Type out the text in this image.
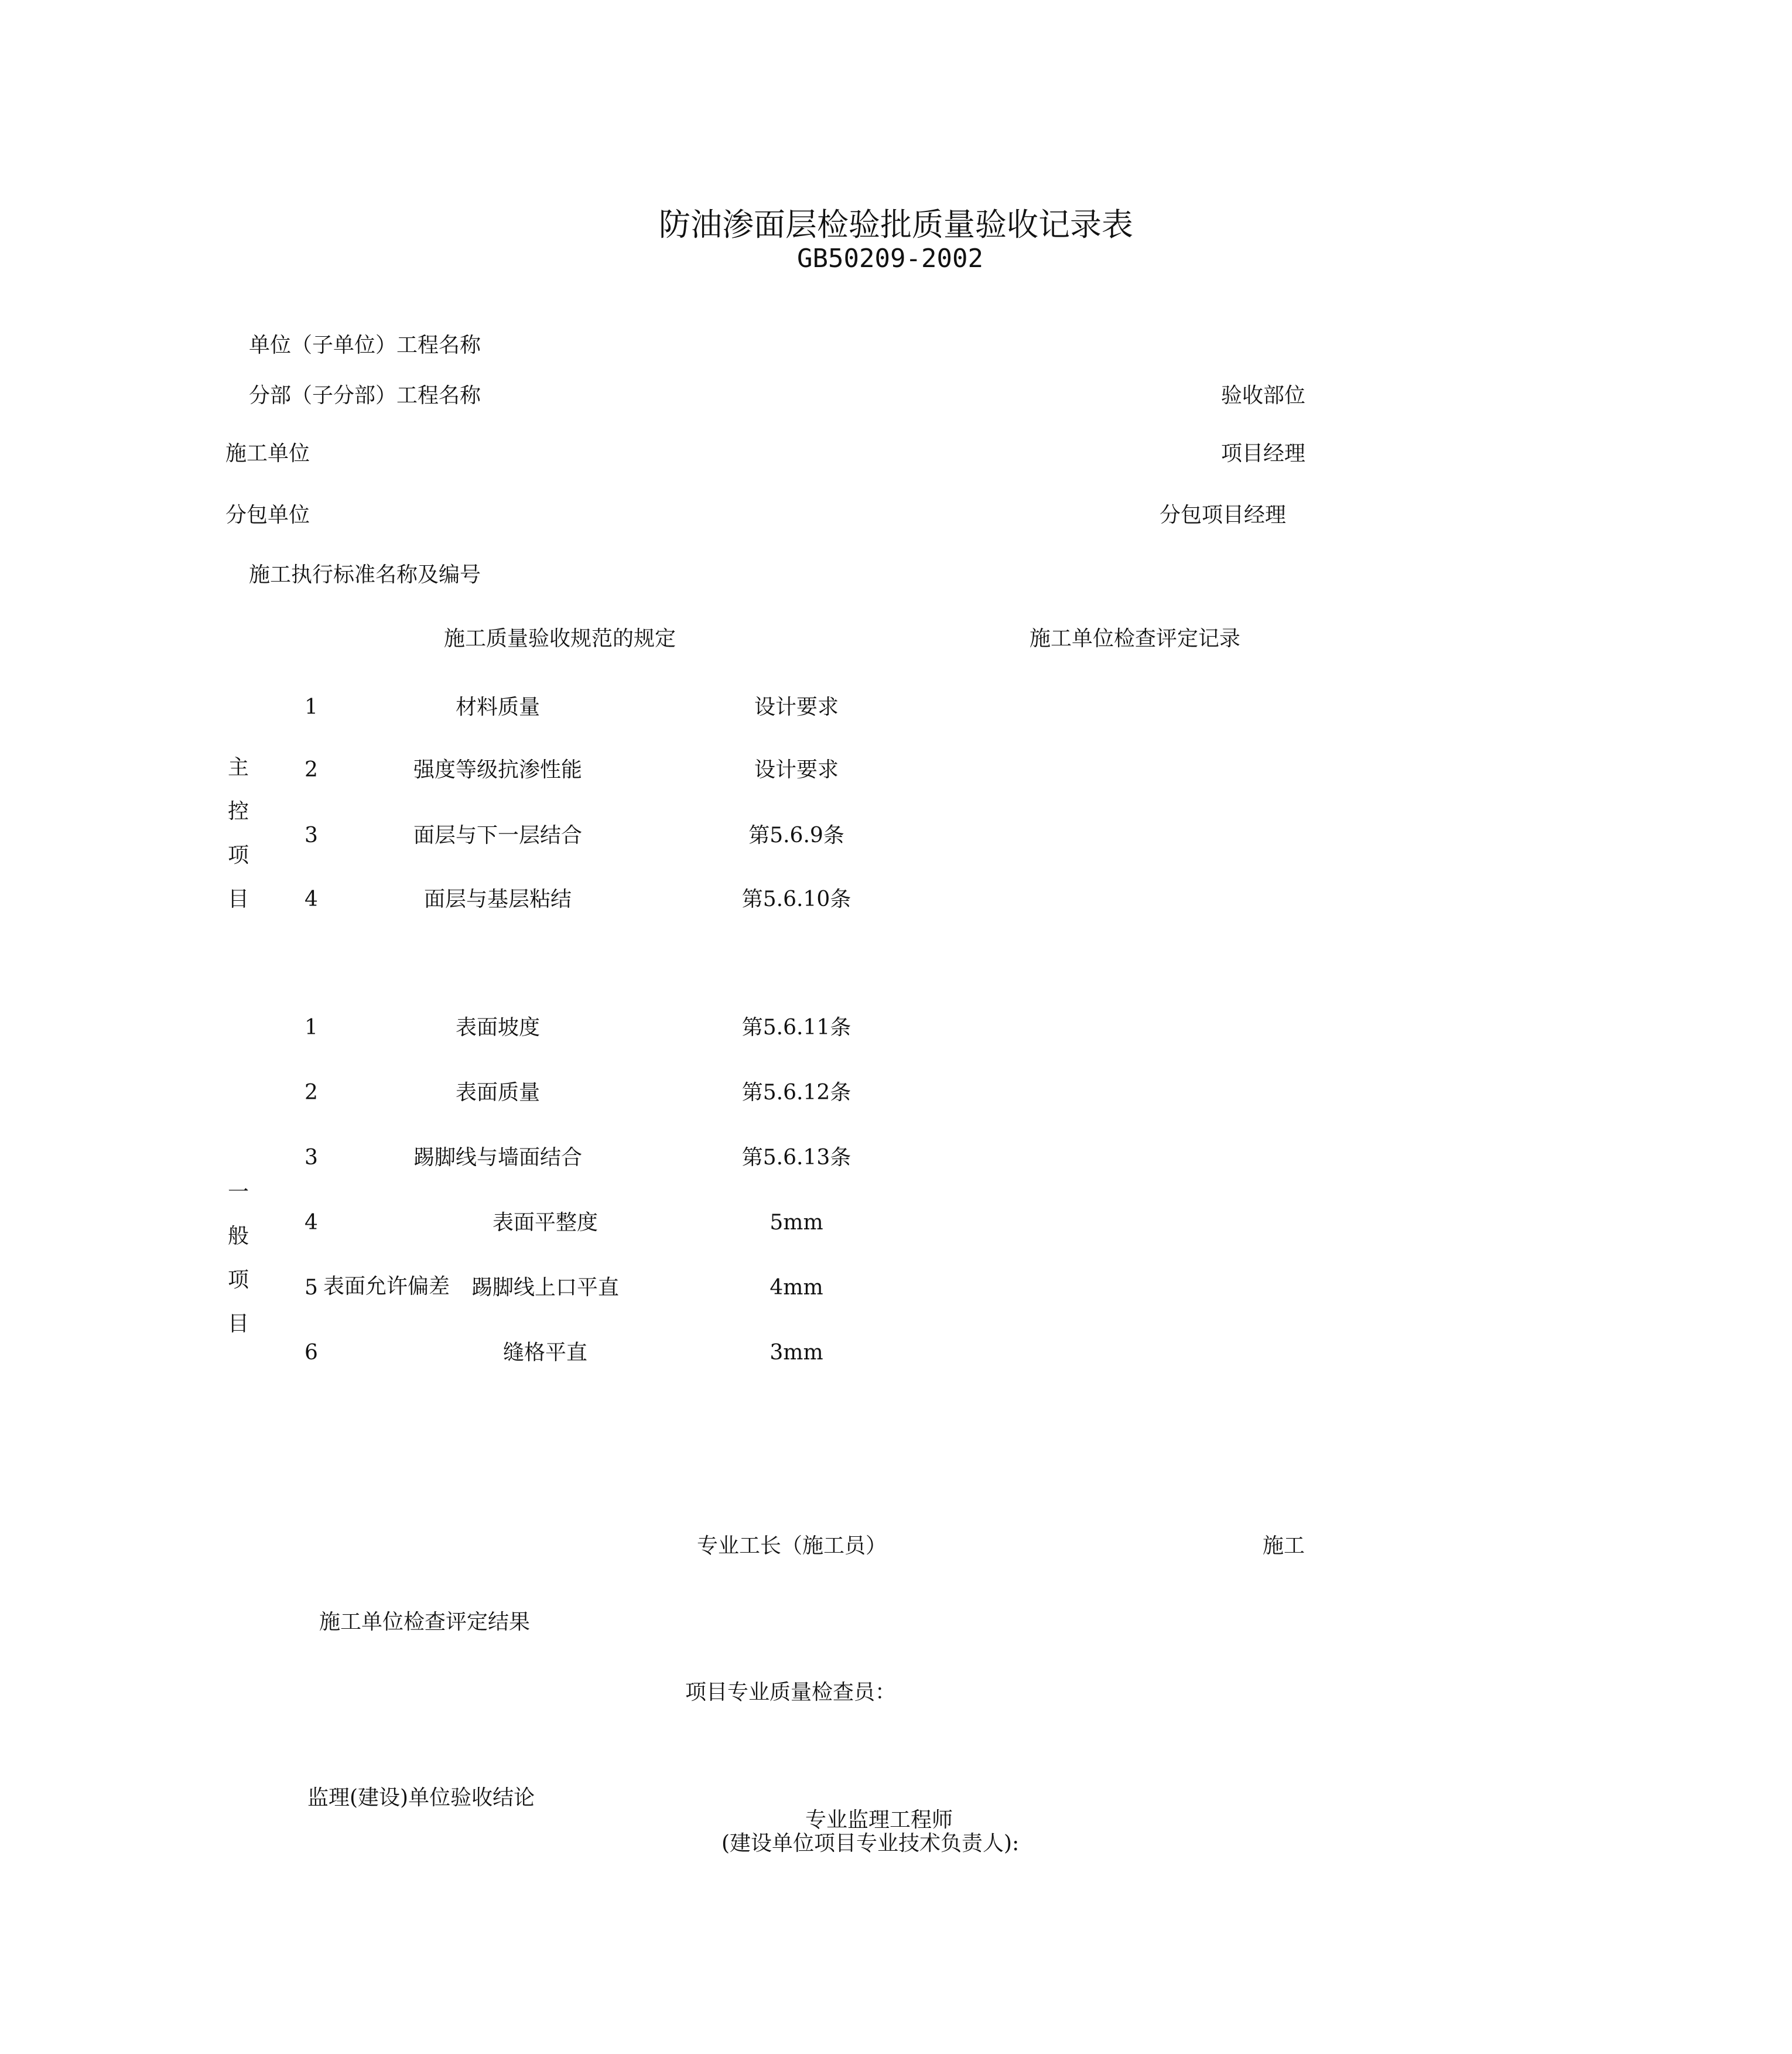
防油渗面层检验批质量验收记录表
GB50209-2002
单位（子单位）工程名称
分部（子分部）工程名称	验收部位
施工单位	项目经理
分包单位	分包项目经理
施工执行标准名称及编号
施工质量验收规范的规定	施工单位检查评定记录
主控项目
1	材料质量	设计要求
2	强度等级抗渗性能	设计要求
3	面层与下一层结合	第5.6.9条
4	面层与基层粘结	第5.6.10条
一般项目
1	表面坡度	第5.6.11条
2	表面质量	第5.6.12条
3	踢脚线与墙面结合	第5.6.13条
4	表面平整度	5mm
5 表面允许偏差 踢脚线上口平直	4mm
6	缝格平直	3mm
专业工长（施工员）	施工
施工单位检查评定结果
项目专业质量检查员：
监理(建设)单位验收结论
专业监理工程师
(建设单位项目专业技术负责人):
